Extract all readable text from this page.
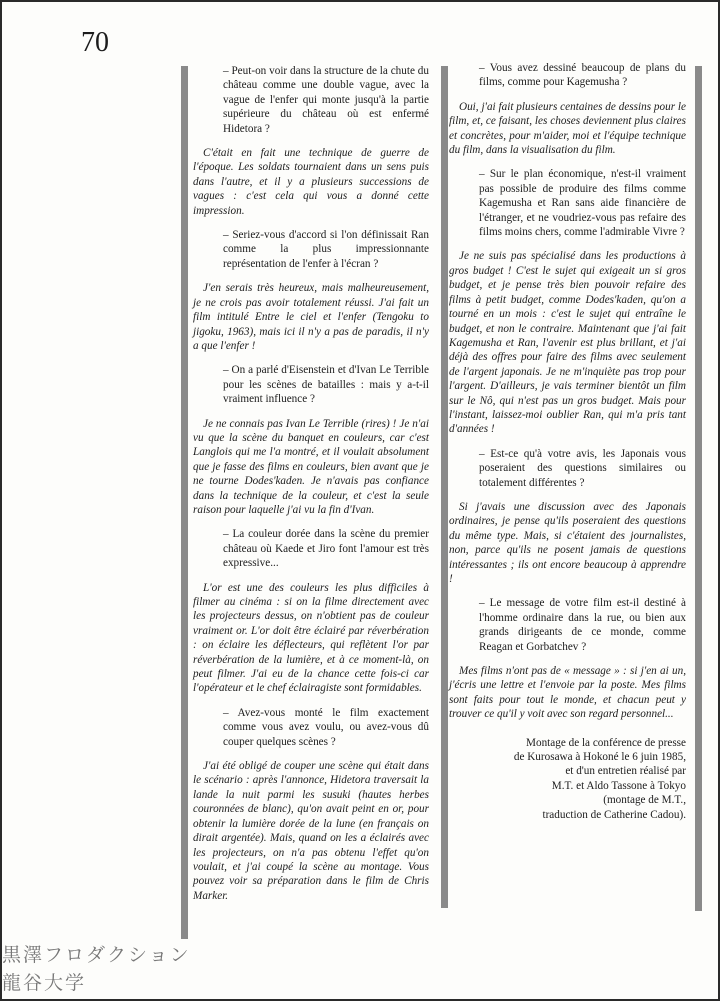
70

– Peut-on voir dans la structure de la chute du château comme une double vague, avec la vague de l'enfer qui monte jusqu'à la partie supérieure du château où est enfermé Hidetora ?

C'était en fait une technique de guerre de l'époque. Les soldats tournaient dans un sens puis dans l'autre, et il y a plusieurs successions de vagues : c'est cela qui vous a donné cette impression.

– Seriez-vous d'accord si l'on définissait Ran comme la plus impressionnante représentation de l'enfer à l'écran ?

J'en serais très heureux, mais malheureusement, je ne crois pas avoir totalement réussi. J'ai fait un film intitulé Entre le ciel et l'enfer (Tengoku to jigoku, 1963), mais ici il n'y a pas de paradis, il n'y a que l'enfer !

– On a parlé d'Eisenstein et d'Ivan Le Terrible pour les scènes de batailles : mais y a-t-il vraiment influence ?

Je ne connais pas Ivan Le Terrible (rires) ! Je n'ai vu que la scène du banquet en couleurs, car c'est Langlois qui me l'a montré, et il voulait absolument que je fasse des films en couleurs, bien avant que je ne tourne Dodes'kaden. Je n'avais pas confiance dans la technique de la couleur, et c'est la seule raison pour laquelle j'ai vu la fin d'Ivan.

– La couleur dorée dans la scène du premier château où Kaede et Jiro font l'amour est très expressive...

L'or est une des couleurs les plus difficiles à filmer au cinéma : si on la filme directement avec les projecteurs dessus, on n'obtient pas de couleur vraiment or. L'or doit être éclairé par réverbération : on éclaire les déflecteurs, qui reflètent l'or par réverbération de la lumière, et à ce moment-là, on peut filmer. J'ai eu de la chance cette fois-ci car l'opérateur et le chef éclairagiste sont formidables.

– Avez-vous monté le film exactement comme vous avez voulu, ou avez-vous dû couper quelques scènes ?

J'ai été obligé de couper une scène qui était dans le scénario : après l'annonce, Hidetora traversait la lande la nuit parmi les susuki (hautes herbes couronnées de blanc), qu'on avait peint en or, pour obtenir la lumière dorée de la lune (en français on dirait argentée). Mais, quand on les a éclairés avec les projecteurs, on n'a pas obtenu l'effet qu'on voulait, et j'ai coupé la scène au montage. Vous pouvez voir sa préparation dans le film de Chris Marker.

– Vous avez dessiné beaucoup de plans du films, comme pour Kagemusha ?

Oui, j'ai fait plusieurs centaines de dessins pour le film, et, ce faisant, les choses deviennent plus claires et concrètes, pour m'aider, moi et l'équipe technique du film, dans la visualisation du film.

– Sur le plan économique, n'est-il vraiment pas possible de produire des films comme Kagemusha et Ran sans aide financière de l'étranger, et ne voudriez-vous pas refaire des films moins chers, comme l'admirable Vivre ?

Je ne suis pas spécialisé dans les productions à gros budget ! C'est le sujet qui exigeait un si gros budget, et je pense très bien pouvoir refaire des films à petit budget, comme Dodes'kaden, qu'on a tourné en un mois : c'est le sujet qui entraîne le budget, et non le contraire. Maintenant que j'ai fait Kagemusha et Ran, l'avenir est plus brillant, et j'ai déjà des offres pour faire des films avec seulement de l'argent japonais. Je ne m'inquiète pas trop pour l'argent. D'ailleurs, je vais terminer bientôt un film sur le Nô, qui n'est pas un gros budget. Mais pour l'instant, laissez-moi oublier Ran, qui m'a pris tant d'années !

– Est-ce qu'à votre avis, les Japonais vous poseraient des questions similaires ou totalement différentes ?

Si j'avais une discussion avec des Japonais ordinaires, je pense qu'ils poseraient des questions du même type. Mais, si c'étaient des journalistes, non, parce qu'ils ne posent jamais de questions intéressantes ; ils ont encore beaucoup à apprendre !

– Le message de votre film est-il destiné à l'homme ordinaire dans la rue, ou bien aux grands dirigeants de ce monde, comme Reagan et Gorbatchev ?

Mes films n'ont pas de « message » : si j'en ai un, j'écris une lettre et l'envoie par la poste. Mes films sont faits pour tout le monde, et chacun peut y trouver ce qu'il y voit avec son regard personnel...

Montage de la conférence de presse
de Kurosawa à Hokoné le 6 juin 1985,
et d'un entretien réalisé par
M.T. et Aldo Tassone à Tokyo
(montage de M.T.,
traduction de Catherine Cadou).
黒澤フロダクション
龍谷大学
